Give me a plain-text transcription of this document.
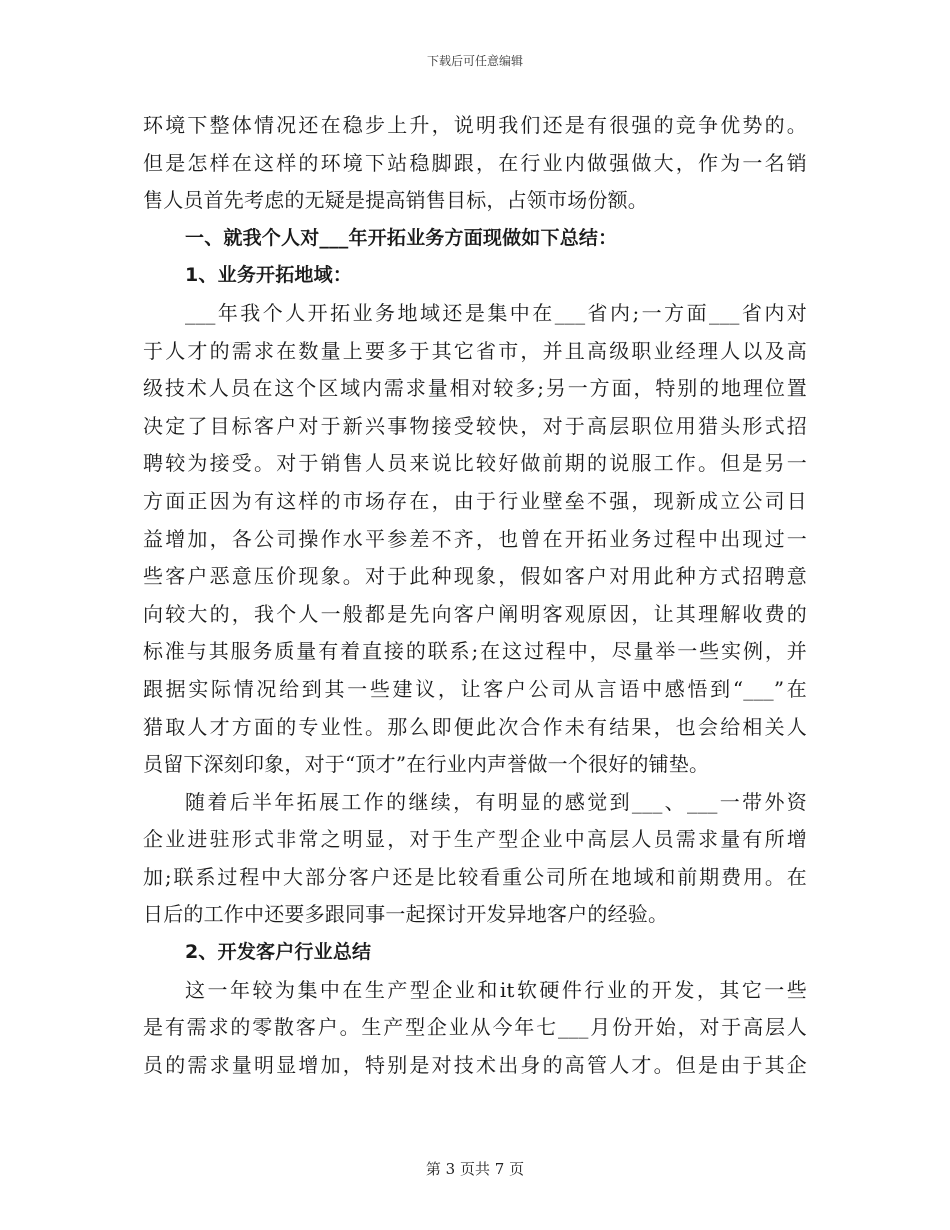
下载后可任意编辑
环境下整体情况还在稳步上升，说明我们还是有很强的竞争优势的。
但是怎样在这样的环境下站稳脚跟，在行业内做强做大，作为一名销
售人员首先考虑的无疑是提高销售目标，占领市场份额。
一、就我个人对___年开拓业务方面现做如下总结：
1、业务开拓地域：
___年我个人开拓业务地域还是集中在___省内;一方面___省内对
于人才的需求在数量上要多于其它省市，并且高级职业经理人以及高
级技术人员在这个区域内需求量相对较多;另一方面，特别的地理位置
决定了目标客户对于新兴事物接受较快，对于高层职位用猎头形式招
聘较为接受。对于销售人员来说比较好做前期的说服工作。但是另一
方面正因为有这样的市场存在，由于行业壁垒不强，现新成立公司日
益增加，各公司操作水平参差不齐，也曾在开拓业务过程中出现过一
些客户恶意压价现象。对于此种现象，假如客户对用此种方式招聘意
向较大的，我个人一般都是先向客户阐明客观原因，让其理解收费的
标准与其服务质量有着直接的联系;在这过程中，尽量举一些实例，并
跟据实际情况给到其一些建议，让客户公司从言语中感悟到“___”在
猎取人才方面的专业性。那么即便此次合作未有结果，也会给相关人
员留下深刻印象，对于“顶才”在行业内声誉做一个很好的铺垫。
随着后半年拓展工作的继续，有明显的感觉到___、___一带外资
企业进驻形式非常之明显，对于生产型企业中高层人员需求量有所增
加;联系过程中大部分客户还是比较看重公司所在地域和前期费用。在
日后的工作中还要多跟同事一起探讨开发异地客户的经验。
2、开发客户行业总结
这一年较为集中在生产型企业和it软硬件行业的开发，其它一些
是有需求的零散客户。生产型企业从今年七___月份开始，对于高层人
员的需求量明显增加，特别是对技术出身的高管人才。但是由于其企
第 3 页共 7 页
